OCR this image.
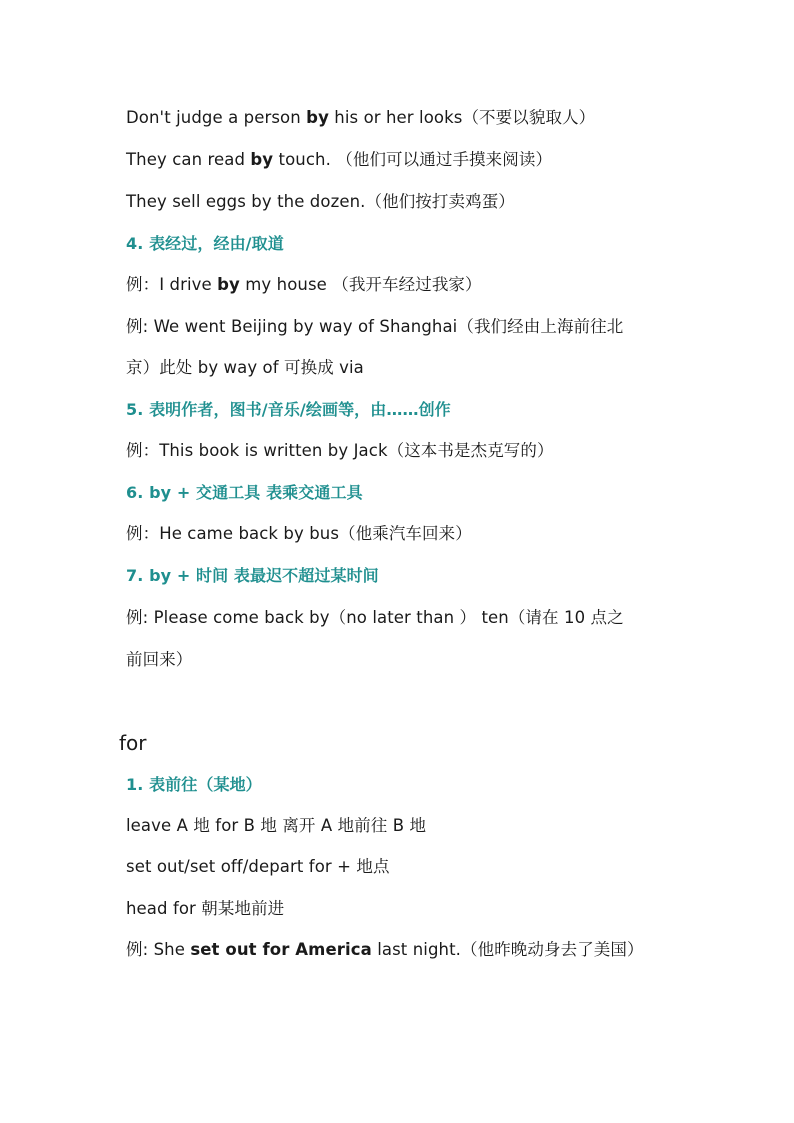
Don't judge a person by his or her looks（不要以貌取人）
They can read by touch. （他们可以通过手摸来阅读）
They sell eggs by the dozen.（他们按打卖鸡蛋）
4. 表经过，经由/取道
例：I drive by my house （我开车经过我家）
例: We went Beijing by way of Shanghai（我们经由上海前往北
京）此处 by way of 可换成 via
5. 表明作者，图书/音乐/绘画等，由……创作
例：This book is written by Jack（这本书是杰克写的）
6. by + 交通工具 表乘交通工具
例：He came back by bus（他乘汽车回来）
7. by + 时间 表最迟不超过某时间
例: Please come back by（no later than ） ten（请在 10 点之
前回来）
for
1. 表前往（某地）
leave A 地 for B 地 离开 A 地前往 B 地
set out/set off/depart for + 地点
head for 朝某地前进
例: She set out for America last night.（他昨晚动身去了美国）
